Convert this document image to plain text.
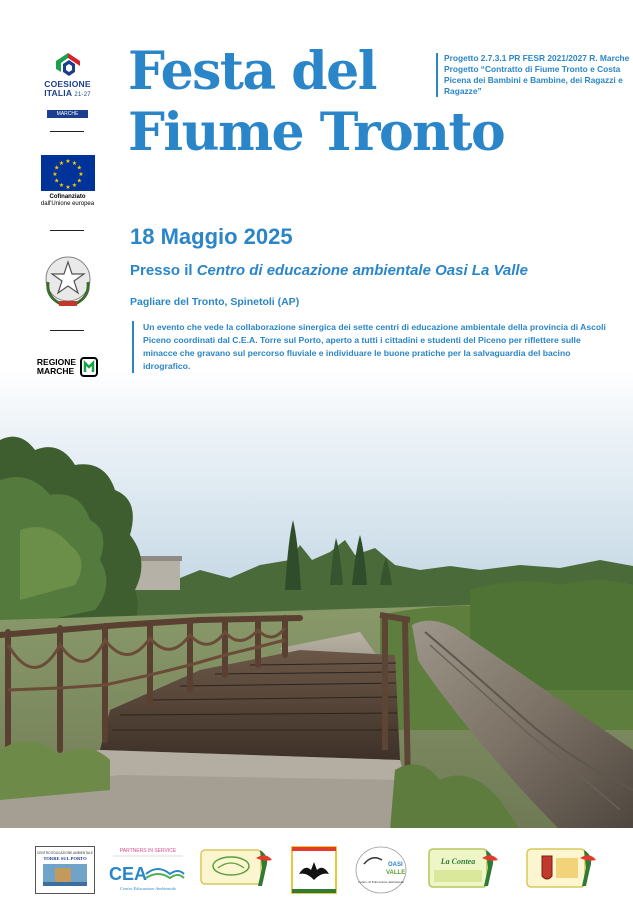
COESIONE
ITALIA 21-27
MARCHE
★ ★
★
★
★
★
★
★
★
★
★
★
Cofinanziato
dall'Unione europea
REGIONE
MARCHE
Festa del
Fiume Tronto
Progetto 2.7.3.1 PR FESR 2021/2027 R. Marche Progetto “Contratto di Fiume Tronto e Costa Picena dei Bambini e Bambine, dei Ragazzi e Ragazze”
18 Maggio 2025
Presso il Centro di educazione ambientale Oasi La Valle
Pagliare del Tronto, Spinetoli (AP)
Un evento che vede la collaborazione sinergica dei sette centri di educazione ambientale della provincia di Ascoli Piceno coordinati dal C.E.A. Torre sul Porto, aperto a tutti i cittadini e studenti del Piceno per riflettere sulle minacce che gravano sul percorso fluviale e individuare le buone pratiche per la salvaguardia del bacino idrografico.
CENTRO EDUCAZIONE AMBIENTALE
TORRE SUL PORTO
PARTNERS IN SERVICE
CEA
Centro Educazione Ambientale
OASI
VALLE
Centro di Educazione Ambientale
La Contea
